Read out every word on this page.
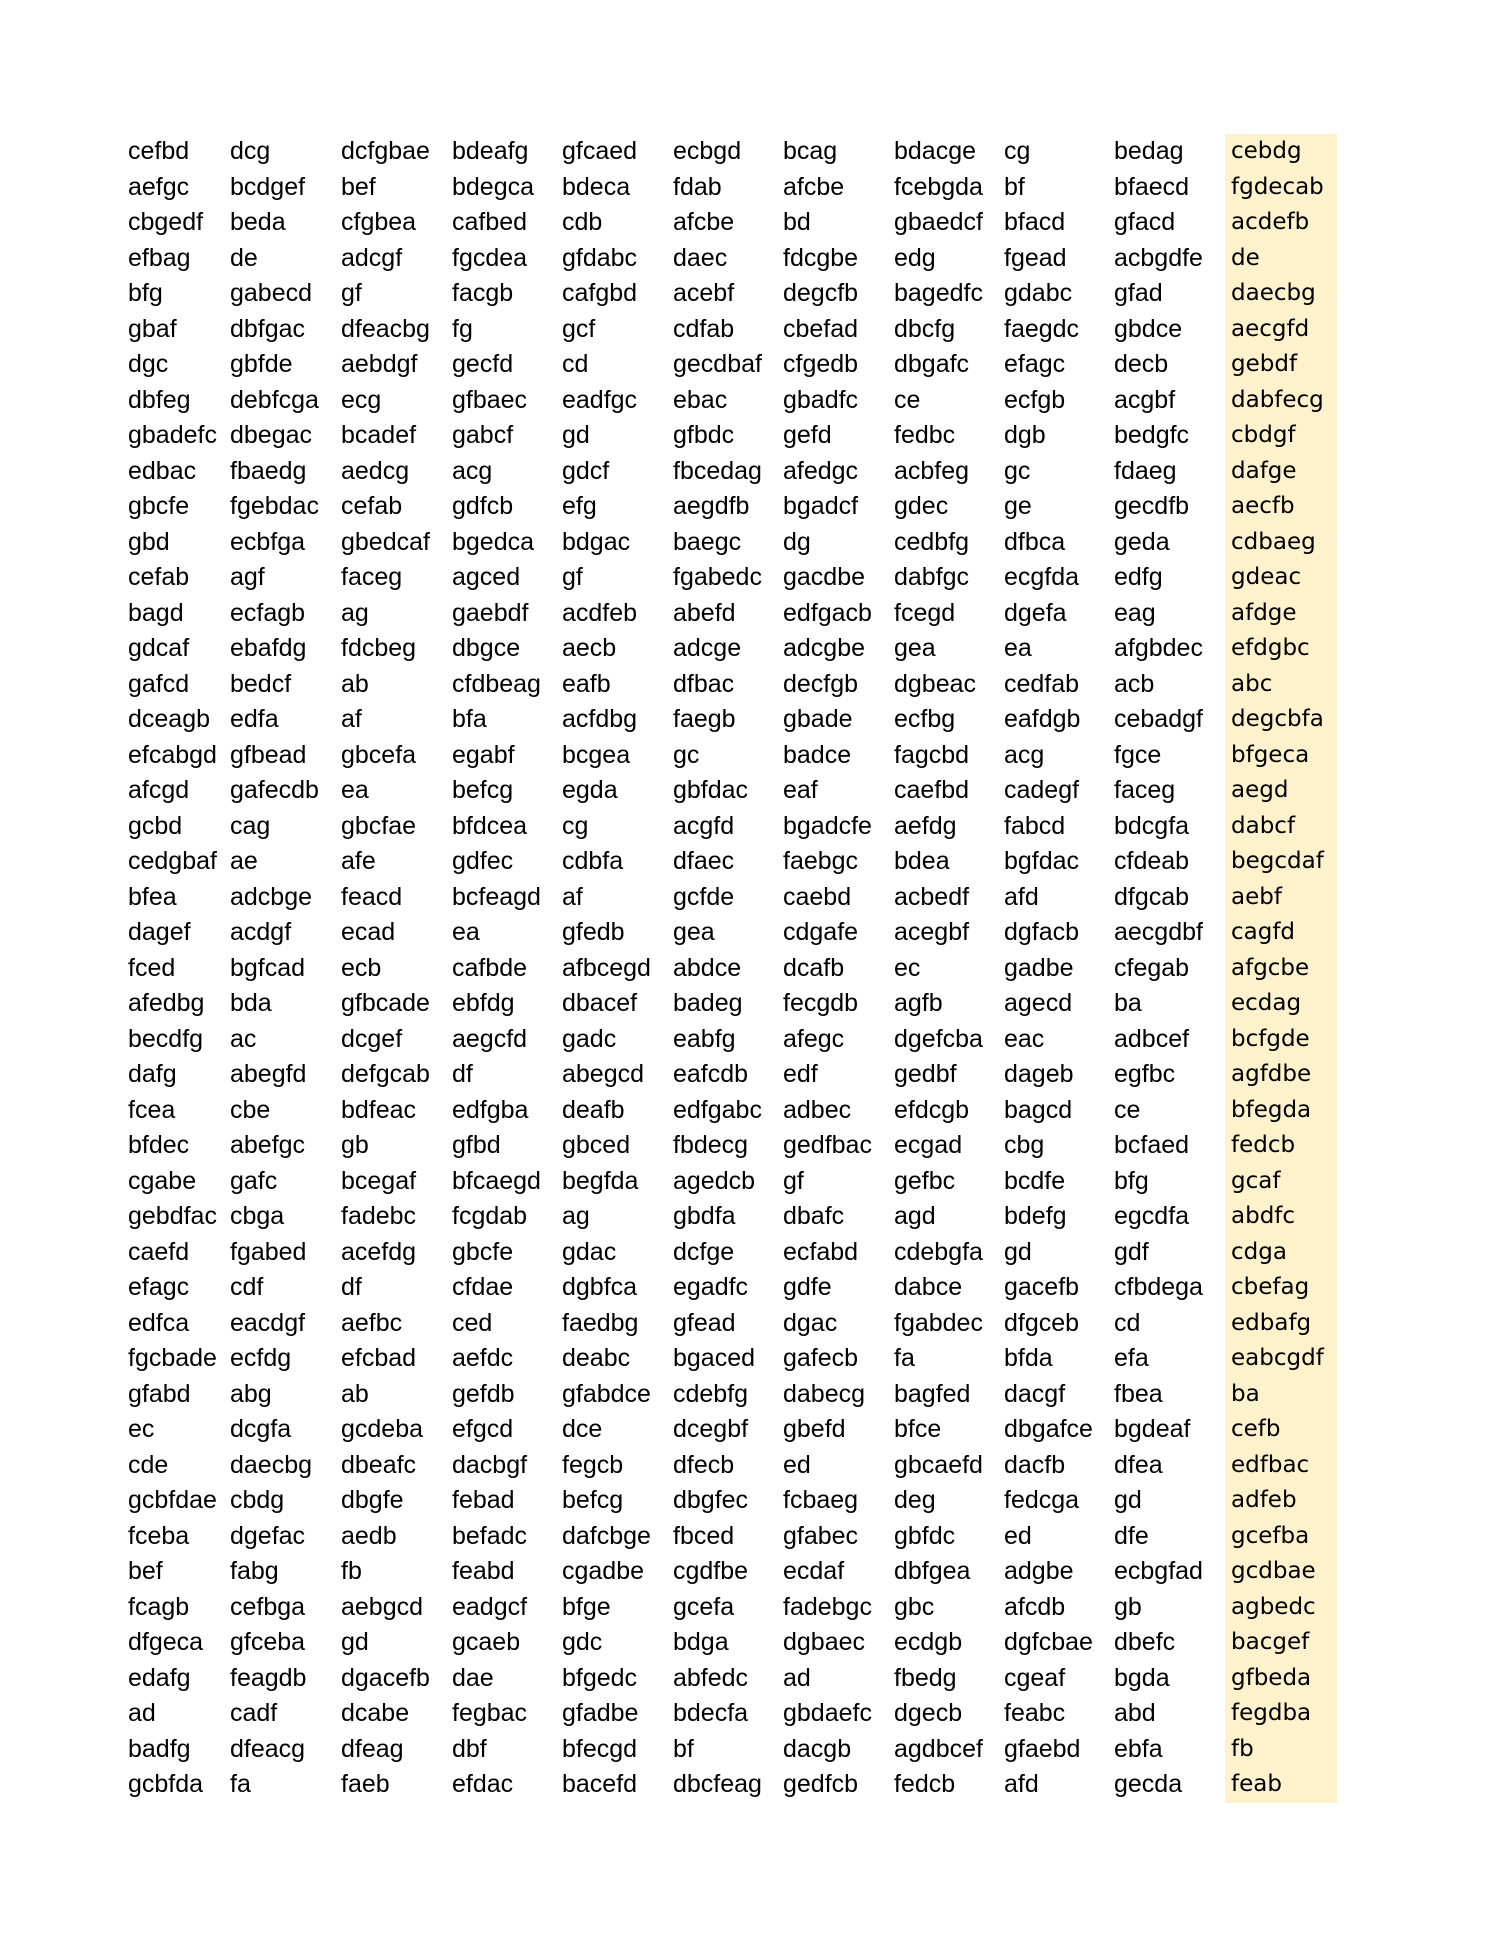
cefbd	dcg	dcfgbae	bdeafg	gfcaed	ecbgd	bcag	bdacge	cg	bedag	cebdg
aefgc	bcdgef	bef	bdegca	bdeca	fdab	afcbe	fcebgda	bf	bfaecd	fgdecab
cbgedf	beda	cfgbea	cafbed	cdb	afcbe	bd	gbaedcf	bfacd	gfacd	acdefb
efbag	de	adcgf	fgcdea	gfdabc	daec	fdcgbe	edg	fgead	acbgdfe	de
bfg	gabecd	gf	facgb	cafgbd	acebf	degcfb	bagedfc	gdabc	gfad	daecbg
gbaf	dbfgac	dfeacbg	fg	gcf	cdfab	cbefad	dbcfg	faegdc	gbdce	aecgfd
dgc	gbfde	aebdgf	gecfd	cd	gecdbaf	cfgedb	dbgafc	efagc	decb	gebdf
dbfeg	debfcga	ecg	gfbaec	eadfgc	ebac	gbadfc	ce	ecfgb	acgbf	dabfecg
gbadefc	dbegac	bcadef	gabcf	gd	gfbdc	gefd	fedbc	dgb	bedgfc	cbdgf
edbac	fbaedg	aedcg	acg	gdcf	fbcedag	afedgc	acbfeg	gc	fdaeg	dafge
gbcfe	fgebdac	cefab	gdfcb	efg	aegdfb	bgadcf	gdec	ge	gecdfb	aecfb
gbd	ecbfga	gbedcaf	bgedca	bdgac	baegc	dg	cedbfg	dfbca	geda	cdbaeg
cefab	agf	faceg	agced	gf	fgabedc	gacdbe	dabfgc	ecgfda	edfg	gdeac
bagd	ecfagb	ag	gaebdf	acdfeb	abefd	edfgacb	fcegd	dgefa	eag	afdge
gdcaf	ebafdg	fdcbeg	dbgce	aecb	adcge	adcgbe	gea	ea	afgbdec	efdgbc
gafcd	bedcf	ab	cfdbeag	eafb	dfbac	decfgb	dgbeac	cedfab	acb	abc
dceagb	edfa	af	bfa	acfdbg	faegb	gbade	ecfbg	eafdgb	cebadgf	degcbfa
efcabgd	gfbead	gbcefa	egabf	bcgea	gc	badce	fagcbd	acg	fgce	bfgeca
afcgd	gafecdb	ea	befcg	egda	gbfdac	eaf	caefbd	cadegf	faceg	aegd
gcbd	cag	gbcfae	bfdcea	cg	acgfd	bgadcfe	aefdg	fabcd	bdcgfa	dabcf
cedgbaf	ae	afe	gdfec	cdbfa	dfaec	faebgc	bdea	bgfdac	cfdeab	begcdaf
bfea	adcbge	feacd	bcfeagd	af	gcfde	caebd	acbedf	afd	dfgcab	aebf
dagef	acdgf	ecad	ea	gfedb	gea	cdgafe	acegbf	dgfacb	aecgdbf	cagfd
fced	bgfcad	ecb	cafbde	afbcegd	abdce	dcafb	ec	gadbe	cfegab	afgcbe
afedbg	bda	gfbcade	ebfdg	dbacef	badeg	fecgdb	agfb	agecd	ba	ecdag
becdfg	ac	dcgef	aegcfd	gadc	eabfg	afegc	dgefcba	eac	adbcef	bcfgde
dafg	abegfd	defgcab	df	abegcd	eafcdb	edf	gedbf	dageb	egfbc	agfdbe
fcea	cbe	bdfeac	edfgba	deafb	edfgabc	adbec	efdcgb	bagcd	ce	bfegda
bfdec	abefgc	gb	gfbd	gbced	fbdecg	gedfbac	ecgad	cbg	bcfaed	fedcb
cgabe	gafc	bcegaf	bfcaegd	begfda	agedcb	gf	gefbc	bcdfe	bfg	gcaf
gebdfac	cbga	fadebc	fcgdab	ag	gbdfa	dbafc	agd	bdefg	egcdfa	abdfc
caefd	fgabed	acefdg	gbcfe	gdac	dcfge	ecfabd	cdebgfa	gd	gdf	cdga
efagc	cdf	df	cfdae	dgbfca	egadfc	gdfe	dabce	gacefb	cfbdega	cbefag
edfca	eacdgf	aefbc	ced	faedbg	gfead	dgac	fgabdec	dfgceb	cd	edbafg
fgcbade	ecfdg	efcbad	aefdc	deabc	bgaced	gafecb	fa	bfda	efa	eabcgdf
gfabd	abg	ab	gefdb	gfabdce	cdebfg	dabecg	bagfed	dacgf	fbea	ba
ec	dcgfa	gcdeba	efgcd	dce	dcegbf	gbefd	bfce	dbgafce	bgdeaf	cefb
cde	daecbg	dbeafc	dacbgf	fegcb	dfecb	ed	gbcaefd	dacfb	dfea	edfbac
gcbfdae	cbdg	dbgfe	febad	befcg	dbgfec	fcbaeg	deg	fedcga	gd	adfeb
fceba	dgefac	aedb	befadc	dafcbge	fbced	gfabec	gbfdc	ed	dfe	gcefba
bef	fabg	fb	feabd	cgadbe	cgdfbe	ecdaf	dbfgea	adgbe	ecbgfad	gcdbae
fcagb	cefbga	aebgcd	eadgcf	bfge	gcefa	fadebgc	gbc	afcdb	gb	agbedc
dfgeca	gfceba	gd	gcaeb	gdc	bdga	dgbaec	ecdgb	dgfcbae	dbefc	bacgef
edafg	feagdb	dgacefb	dae	bfgedc	abfedc	ad	fbedg	cgeaf	bgda	gfbeda
ad	cadf	dcabe	fegbac	gfadbe	bdecfa	gbdaefc	dgecb	feabc	abd	fegdba
badfg	dfeacg	dfeag	dbf	bfecgd	bf	dacgb	agdbcef	gfaebd	ebfa	fb
gcbfda	fa	faeb	efdac	bacefd	dbcfeag	gedfcb	fedcb	afd	gecda	feab
